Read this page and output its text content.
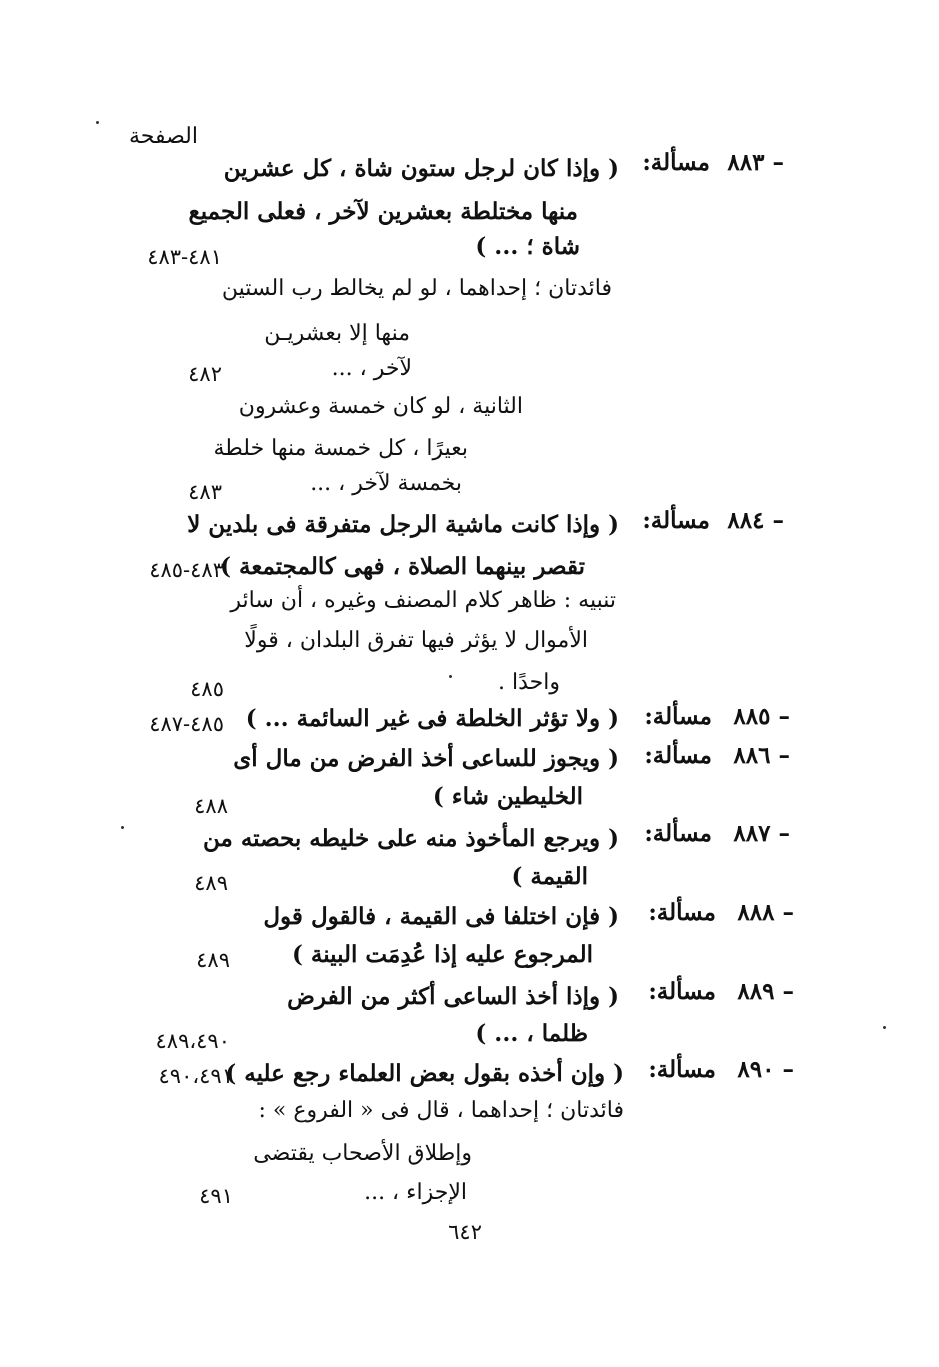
الصفحة
٨٨٣ –
مسألة:
( وإذا كان لرجل ستون شاة ، كل عشرين
منها مختلطة بعشرين لآخر ، فعلى الجميع
شاة ؛ ... )
٤٨١-٤٨٣
فائدتان ؛ إحداهما ، لو لم يخالط رب الستين
منها إلا بعشريـن
لآخر ، ...
٤٨٢
الثانية ، لو كان خمسة وعشرون
بعيرًا ، كل خمسة منها خلطة
بخمسة لآخر ، ...
٤٨٣
٨٨٤ –
مسألة:
( وإذا كانت ماشية الرجل متفرقة فى بلدين لا
تقصر بينهما الصلاة ، فهى كالمجتمعة )
٤٨٣-٤٨٥
تنبيه : ظاهر كلام المصنف وغيره ، أن سائر
الأموال لا يؤثر فيها تفرق البلدان ، قولًا
واحدًا .
٤٨٥
٨٨٥ –
مسألة:
( ولا تؤثر الخلطة فى غير السائمة ... )
٤٨٥-٤٨٧
٨٨٦ –
مسألة:
( ويجوز للساعى أخذ الفرض من مال أى
الخليطين شاء )
٤٨٨
٨٨٧ –
مسألة:
( ويرجع المأخوذ منه على خليطه بحصته من
القيمة )
٤٨٩
٨٨٨ –
مسألة:
( فإن اختلفا فى القيمة ، فالقول قول
المرجوع عليه إذا عُدِمَت البينة )
٤٨٩
٨٨٩ –
مسألة:
( وإذا أخذ الساعى أكثر من الفرض
ظلما ، ... )
٤٨٩،٤٩٠
٨٩٠ –
مسألة:
( وإن أخذه بقول بعض العلماء رجع عليه )
٤٩٠،٤٩١
فائدتان ؛ إحداهما ، قال فى « الفروع » :
وإطلاق الأصحاب يقتضى
الإجزاء ، ...
٤٩١
٦٤٢
